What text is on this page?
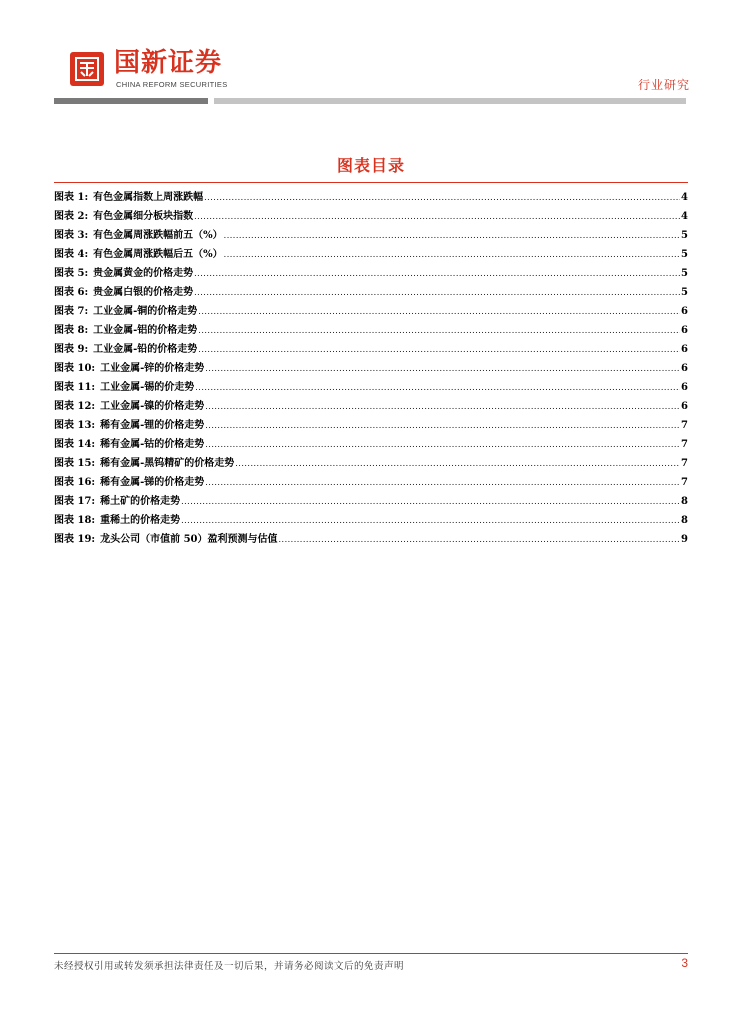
国新证券
CHINA REFORM SECURITIES	行业研究
图表目录
图表 1: 有色金属指数上周涨跌幅 .....	4
图表 2: 有色金属细分板块指数 .....	4
图表 3: 有色金属周涨跌幅前五（%） .....	5
图表 4: 有色金属周涨跌幅后五（%） .....	5
图表 5: 贵金属黄金的价格走势 .....	5
图表 6: 贵金属白银的价格走势 .....	5
图表 7: 工业金属-铜的价格走势 .....	6
图表 8: 工业金属-铝的价格走势 .....	6
图表 9: 工业金属-铅的价格走势 .....	6
图表 10: 工业金属-锌的价格走势 .....	6
图表 11: 工业金属-锡的价走势 .....	6
图表 12: 工业金属-镍的价格走势 .....	6
图表 13: 稀有金属-锂的价格走势 .....	7
图表 14: 稀有金属-钴的价格走势 .....	7
图表 15: 稀有金属-黑钨精矿的价格走势 .....	7
图表 16: 稀有金属-锑的价格走势 .....	7
图表 17: 稀土矿的价格走势 .....	8
图表 18: 重稀土的价格走势 .....	8
图表 19: 龙头公司（市值前 50）盈利预测与估值 .....	9
未经授权引用或转发须承担法律责任及一切后果，并请务必阅读文后的免责声明	3
